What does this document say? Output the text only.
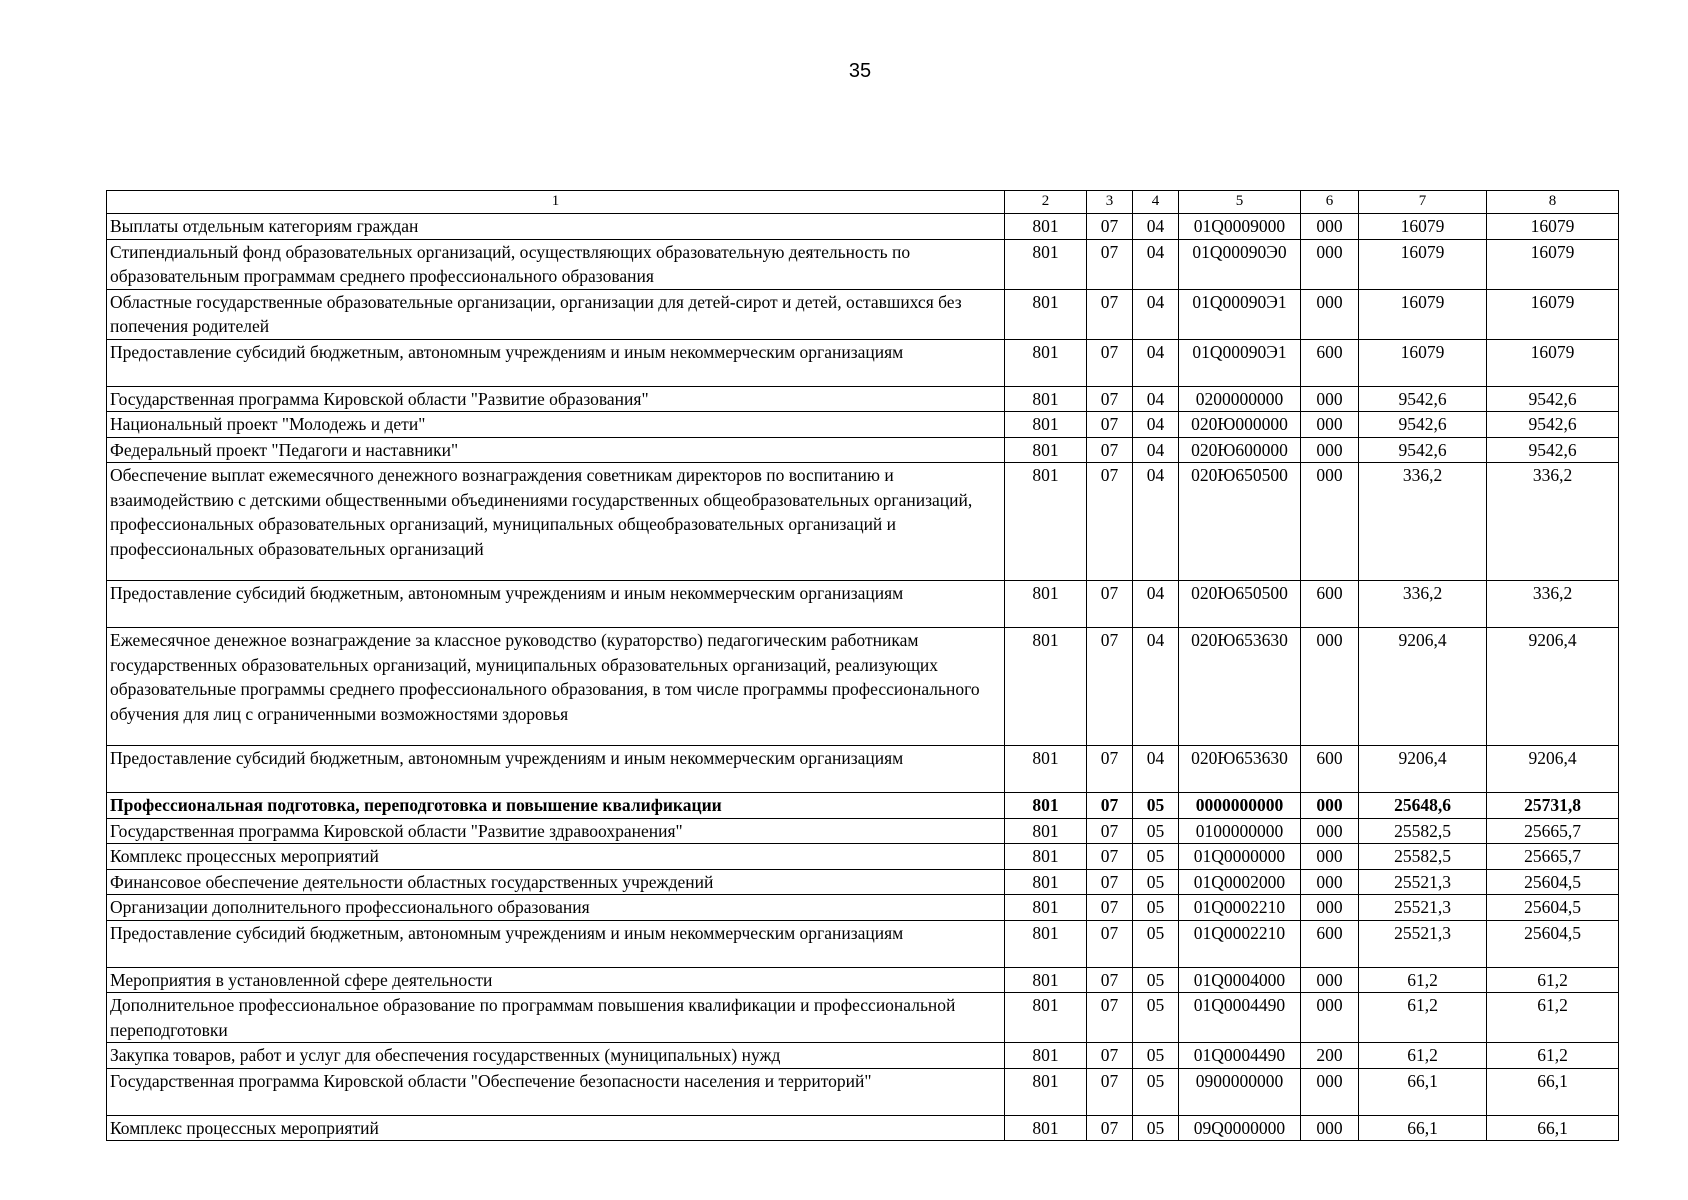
35
1	2	3	4	5	6	7	8
Выплаты отдельным категориям граждан	801	07	04	01Q0009000	000	16079	16079
Стипендиальный фонд образовательных организаций, осуществляющих образовательную деятельность по образовательным программам среднего профессионального образования	801	07	04	01Q00090Э0	000	16079	16079
Областные государственные образовательные организации, организации для детей-сирот и детей, оставшихся без попечения родителей	801	07	04	01Q00090Э1	000	16079	16079
Предоставление субсидий бюджетным, автономным учреждениям и иным некоммерческим организациям	801	07	04	01Q00090Э1	600	16079	16079
Государственная программа Кировской области "Развитие образования"	801	07	04	0200000000	000	9542,6	9542,6
Национальный проект "Молодежь и дети"	801	07	04	020Ю000000	000	9542,6	9542,6
Федеральный проект "Педагоги и наставники"	801	07	04	020Ю600000	000	9542,6	9542,6
Обеспечение выплат ежемесячного денежного вознаграждения советникам директоров по воспитанию и взаимодействию с детскими общественными объединениями государственных общеобразовательных организаций, профессиональных образовательных организаций, муниципальных общеобразовательных организаций и профессиональных образовательных организаций	801	07	04	020Ю650500	000	336,2	336,2
Предоставление субсидий бюджетным, автономным учреждениям и иным некоммерческим организациям	801	07	04	020Ю650500	600	336,2	336,2
Ежемесячное денежное вознаграждение за классное руководство (кураторство) педагогическим работникам государственных образовательных организаций, муниципальных образовательных организаций, реализующих образовательные программы среднего профессионального образования, в том числе программы профессионального обучения для лиц с ограниченными возможностями здоровья	801	07	04	020Ю653630	000	9206,4	9206,4
Предоставление субсидий бюджетным, автономным учреждениям и иным некоммерческим организациям	801	07	04	020Ю653630	600	9206,4	9206,4
Профессиональная подготовка, переподготовка и повышение квалификации	801	07	05	0000000000	000	25648,6	25731,8
Государственная программа Кировской области "Развитие здравоохранения"	801	07	05	0100000000	000	25582,5	25665,7
Комплекс процессных мероприятий	801	07	05	01Q0000000	000	25582,5	25665,7
Финансовое обеспечение деятельности областных государственных учреждений	801	07	05	01Q0002000	000	25521,3	25604,5
Организации дополнительного профессионального образования	801	07	05	01Q0002210	000	25521,3	25604,5
Предоставление субсидий бюджетным, автономным учреждениям и иным некоммерческим организациям	801	07	05	01Q0002210	600	25521,3	25604,5
Мероприятия в установленной сфере деятельности	801	07	05	01Q0004000	000	61,2	61,2
Дополнительное профессиональное образование по программам повышения квалификации и профессиональной переподготовки	801	07	05	01Q0004490	000	61,2	61,2
Закупка товаров, работ и услуг для обеспечения государственных (муниципальных) нужд	801	07	05	01Q0004490	200	61,2	61,2
Государственная программа Кировской области "Обеспечение безопасности населения и территорий"	801	07	05	0900000000	000	66,1	66,1
Комплекс процессных мероприятий	801	07	05	09Q0000000	000	66,1	66,1
